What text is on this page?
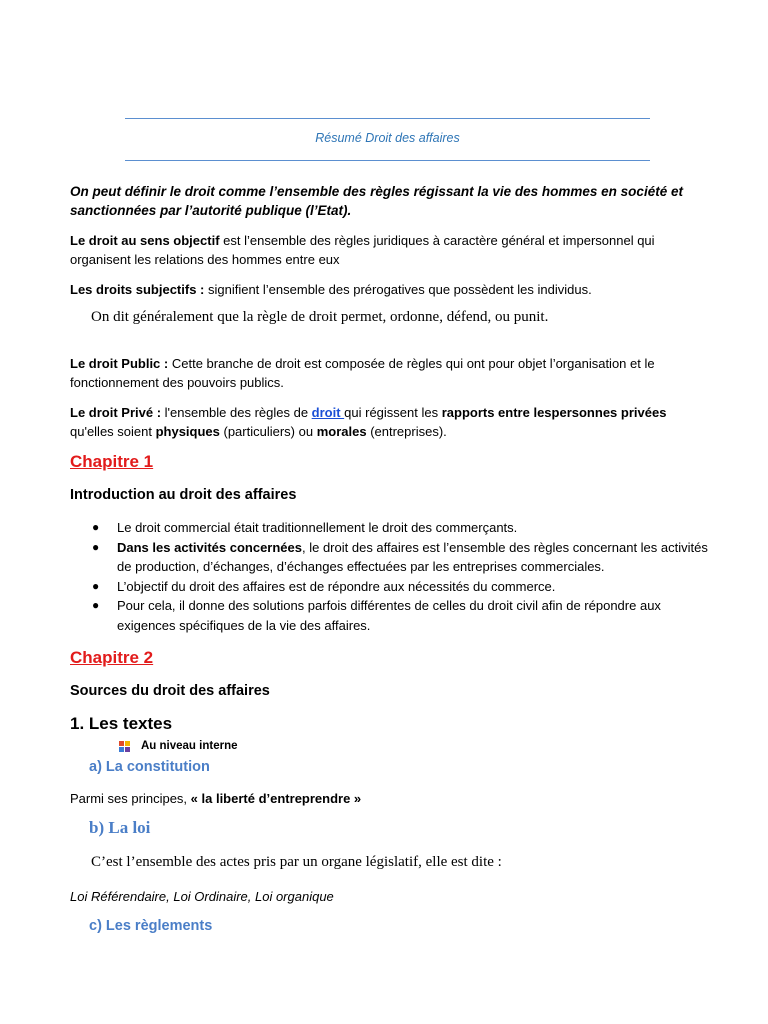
Résumé Droit des affaires
On peut définir le droit comme l’ensemble des règles régissant la vie des hommes en société et sanctionnées par l’autorité publique (l’Etat).
Le droit au sens objectif est l’ensemble des règles juridiques à caractère général et impersonnel qui organisent les relations des hommes entre eux
Les droits subjectifs : signifient l’ensemble des prérogatives que possèdent les individus.
On dit généralement que la règle de droit permet, ordonne, défend, ou punit.
Le droit Public : Cette branche de droit est composée de règles qui ont pour objet l’organisation et le fonctionnement des pouvoirs publics.
Le droit Privé : l'ensemble des règles de droit qui régissent les rapports entre lespersonnes privées qu'elles soient physiques (particuliers) ou morales (entreprises).
Chapitre 1
Introduction au droit des affaires
● Le droit commercial était traditionnellement le droit des commerçants.
● Dans les activités concernées, le droit des affaires est l’ensemble des règles concernant les activités de production, d’échanges, d’échanges effectuées par les entreprises commerciales.
● L’objectif du droit des affaires est de répondre aux nécessités du commerce.
● Pour cela, il donne des solutions parfois différentes de celles du droit civil afin de répondre aux exigences spécifiques de la vie des affaires.
Chapitre 2
Sources du droit des affaires
1. Les textes
Au niveau interne
a) La constitution
Parmi ses principes, « la liberté d’entreprendre »
b) La loi
C’est l’ensemble des actes pris par un organe législatif, elle est dite :
Loi Référendaire, Loi Ordinaire, Loi organique
c) Les règlements
